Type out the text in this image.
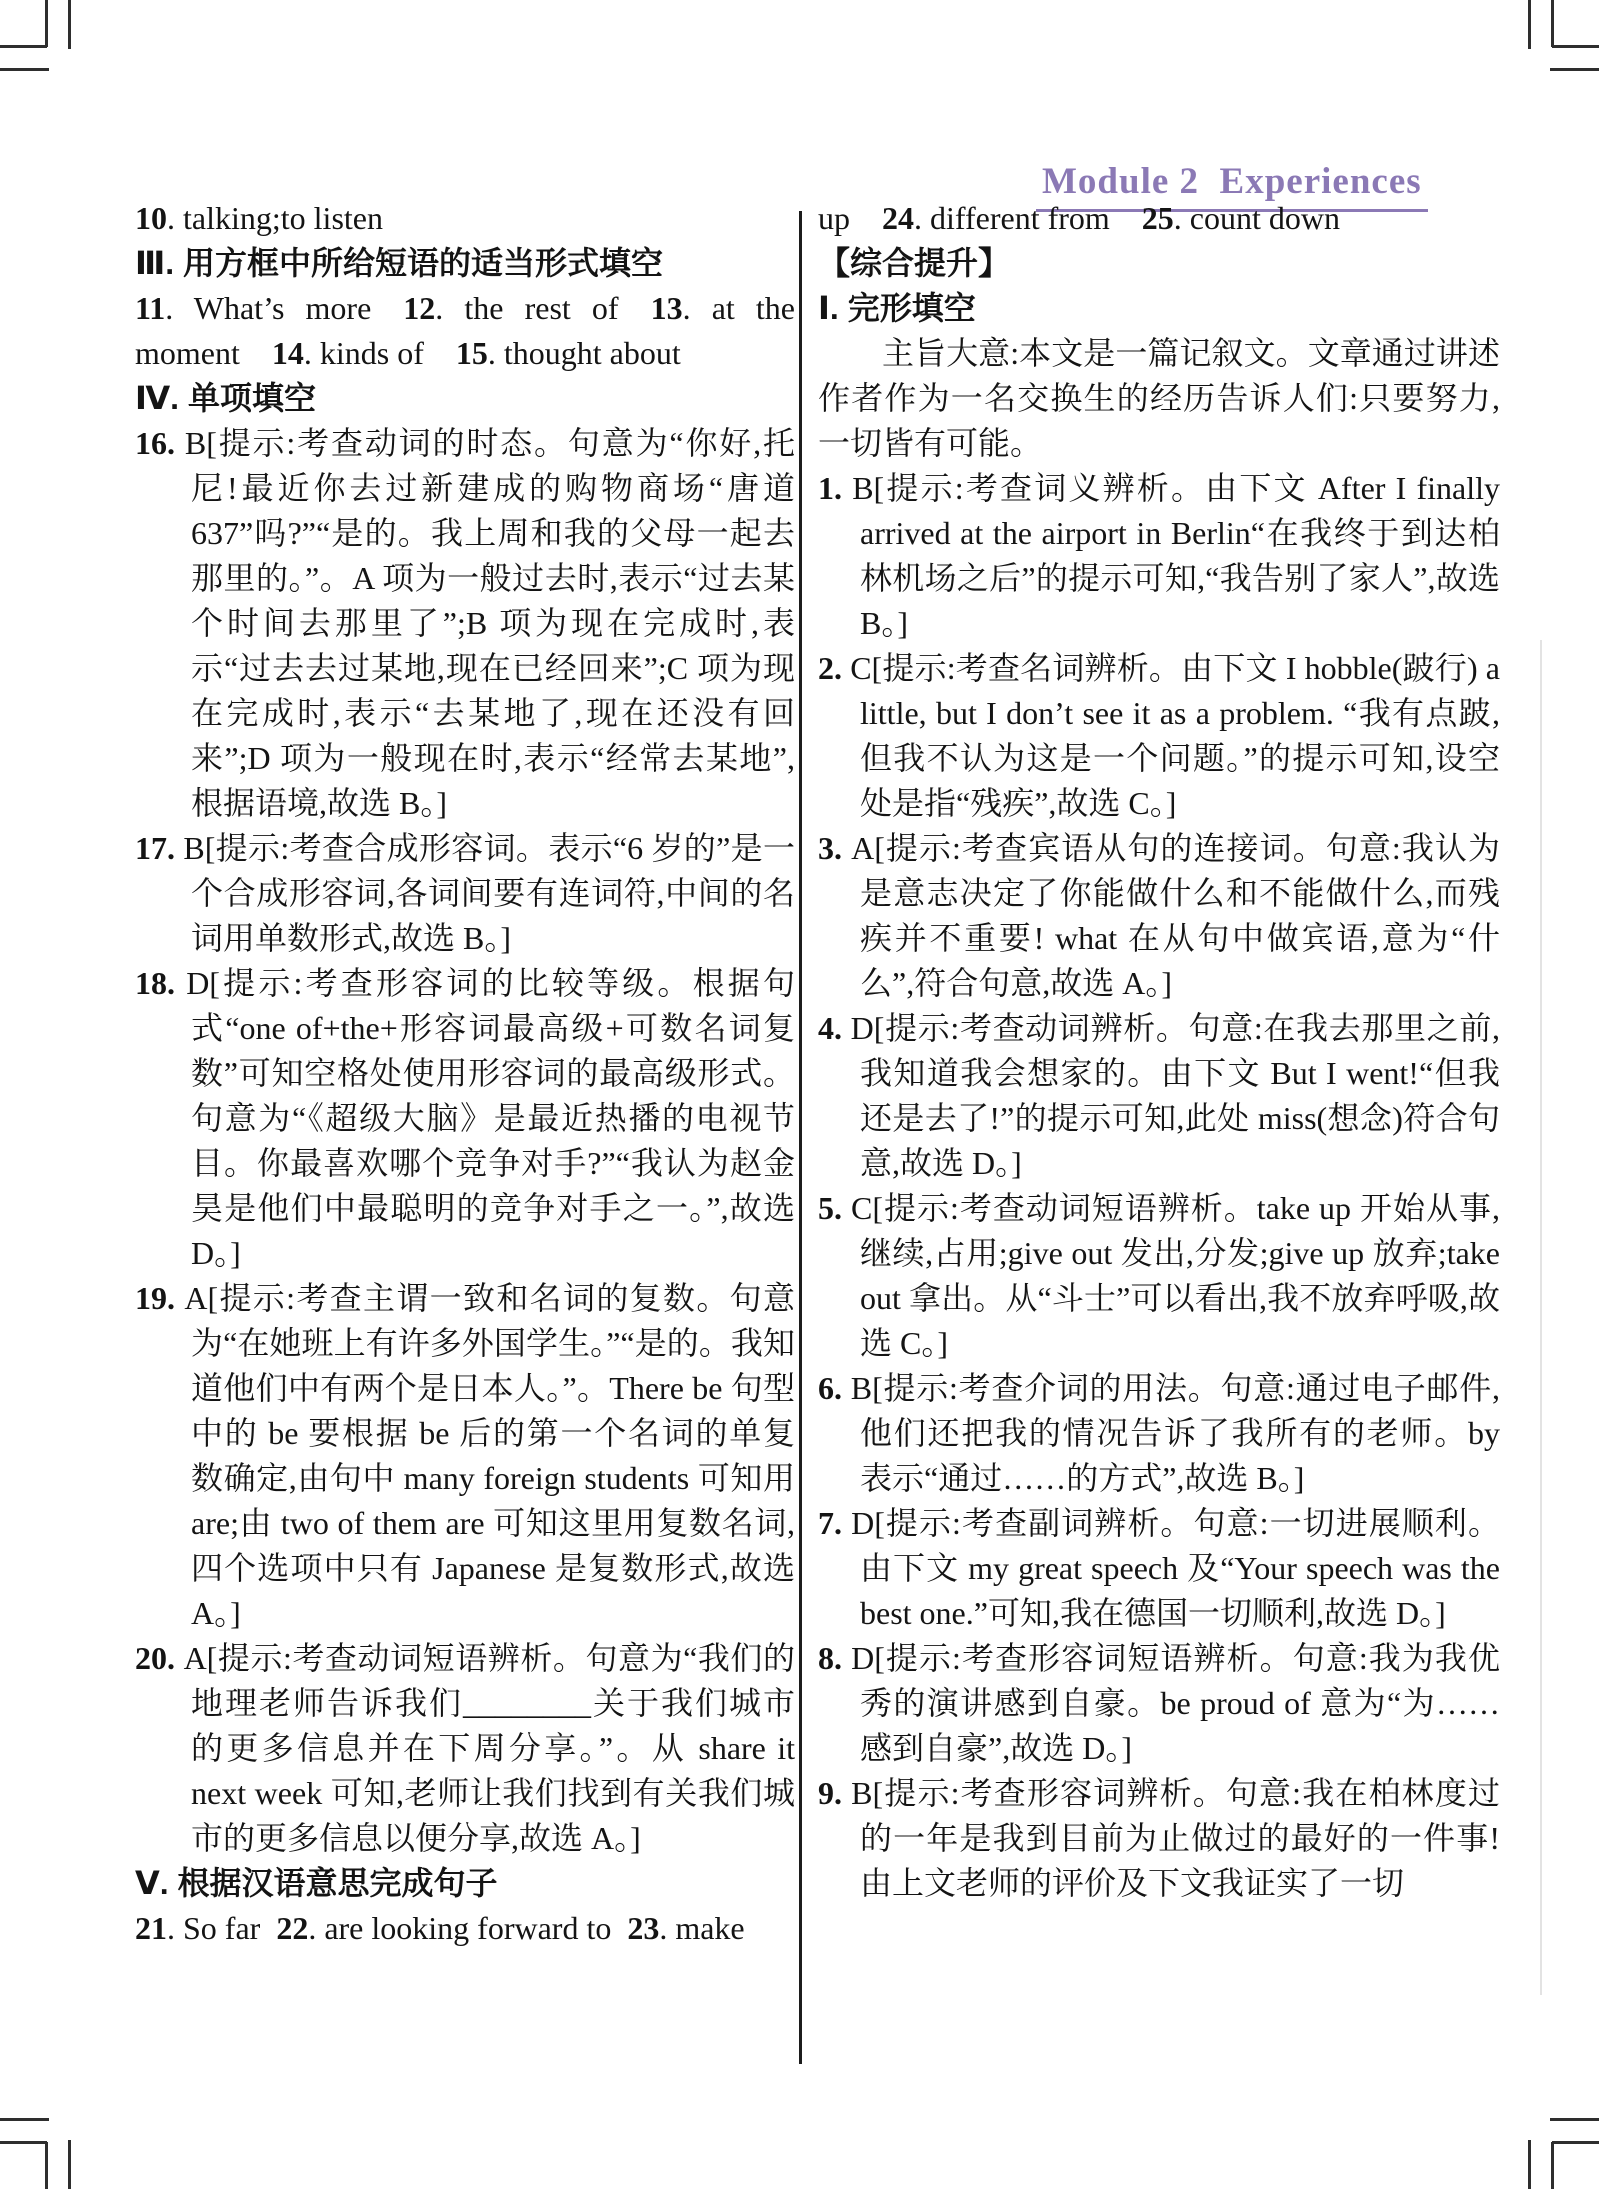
Module 2  Experiences
10. talking;to listen
Ⅲ. 用方框中所给短语的适当形式填空
11. What’s more 12. the rest of 13. at the moment 14. kinds of 15. thought about
Ⅳ. 单项填空
16. B[提示:考查动词的时态。句意为“你好,托尼!最近你去过新建成的购物商场“唐道637”吗?”“是的。我上周和我的父母一起去那里的。”。A 项为一般过去时,表示“过去某个时间去那里了”;B 项为现在完成时,表示“过去去过某地,现在已经回来”;C 项为现在完成时,表示“去某地了,现在还没有回来”;D 项为一般现在时,表示“经常去某地”,根据语境,故选 B。]
17. B[提示:考查合成形容词。表示“6 岁的”是一个合成形容词,各词间要有连词符,中间的名词用单数形式,故选 B。]
18. D[提示:考查形容词的比较等级。根据句式“one of+the+形容词最高级+可数名词复数”可知空格处使用形容词的最高级形式。句意为“《超级大脑》是最近热播的电视节目。你最喜欢哪个竞争对手?”“我认为赵金昊是他们中最聪明的竞争对手之一。”,故选 D。]
19. A[提示:考查主谓一致和名词的复数。句意为“在她班上有许多外国学生。”“是的。我知道他们中有两个是日本人。”。There be 句型中的 be 要根据 be 后的第一个名词的单复数确定,由句中 many foreign students 可知用 are;由 two of them are 可知这里用复数名词,四个选项中只有 Japanese 是复数形式,故选 A。]
20. A[提示:考查动词短语辨析。句意为“我们的地理老师告诉我们________关于我们城市的更多信息并在下周分享。”。从 share it next week 可知,老师让我们找到有关我们城市的更多信息以便分享,故选 A。]
Ⅴ. 根据汉语意思完成句子
21. So far 22. are looking forward to 23. make
up 24. different from 25. count down
【综合提升】
Ⅰ. 完形填空
主旨大意:本文是一篇记叙文。文章通过讲述作者作为一名交换生的经历告诉人们:只要努力,一切皆有可能。
1. B[提示:考查词义辨析。由下文 After I finally arrived at the airport in Berlin“在我终于到达柏林机场之后”的提示可知,“我告别了家人”,故选 B。]
2. C[提示:考查名词辨析。由下文 I hobble(跛行) a little, but I don’t see it as a problem. “我有点跛,但我不认为这是一个问题。”的提示可知,设空处是指“残疾”,故选 C。]
3. A[提示:考查宾语从句的连接词。句意:我认为是意志决定了你能做什么和不能做什么,而残疾并不重要! what 在从句中做宾语,意为“什么”,符合句意,故选 A。]
4. D[提示:考查动词辨析。句意:在我去那里之前,我知道我会想家的。由下文 But I went!“但我还是去了!”的提示可知,此处 miss(想念)符合句意,故选 D。]
5. C[提示:考查动词短语辨析。take up 开始从事,继续,占用;give out 发出,分发;give up 放弃;take out 拿出。从“斗士”可以看出,我不放弃呼吸,故选 C。]
6. B[提示:考查介词的用法。句意:通过电子邮件,他们还把我的情况告诉了我所有的老师。by 表示“通过……的方式”,故选 B。]
7. D[提示:考查副词辨析。句意:一切进展顺利。由下文 my great speech 及“Your speech was the best one.”可知,我在德国一切顺利,故选 D。]
8. D[提示:考查形容词短语辨析。句意:我为我优秀的演讲感到自豪。be proud of 意为“为……感到自豪”,故选 D。]
9. B[提示:考查形容词辨析。句意:我在柏林度过的一年是我到目前为止做过的最好的一件事! 由上文老师的评价及下文我证实了一切
